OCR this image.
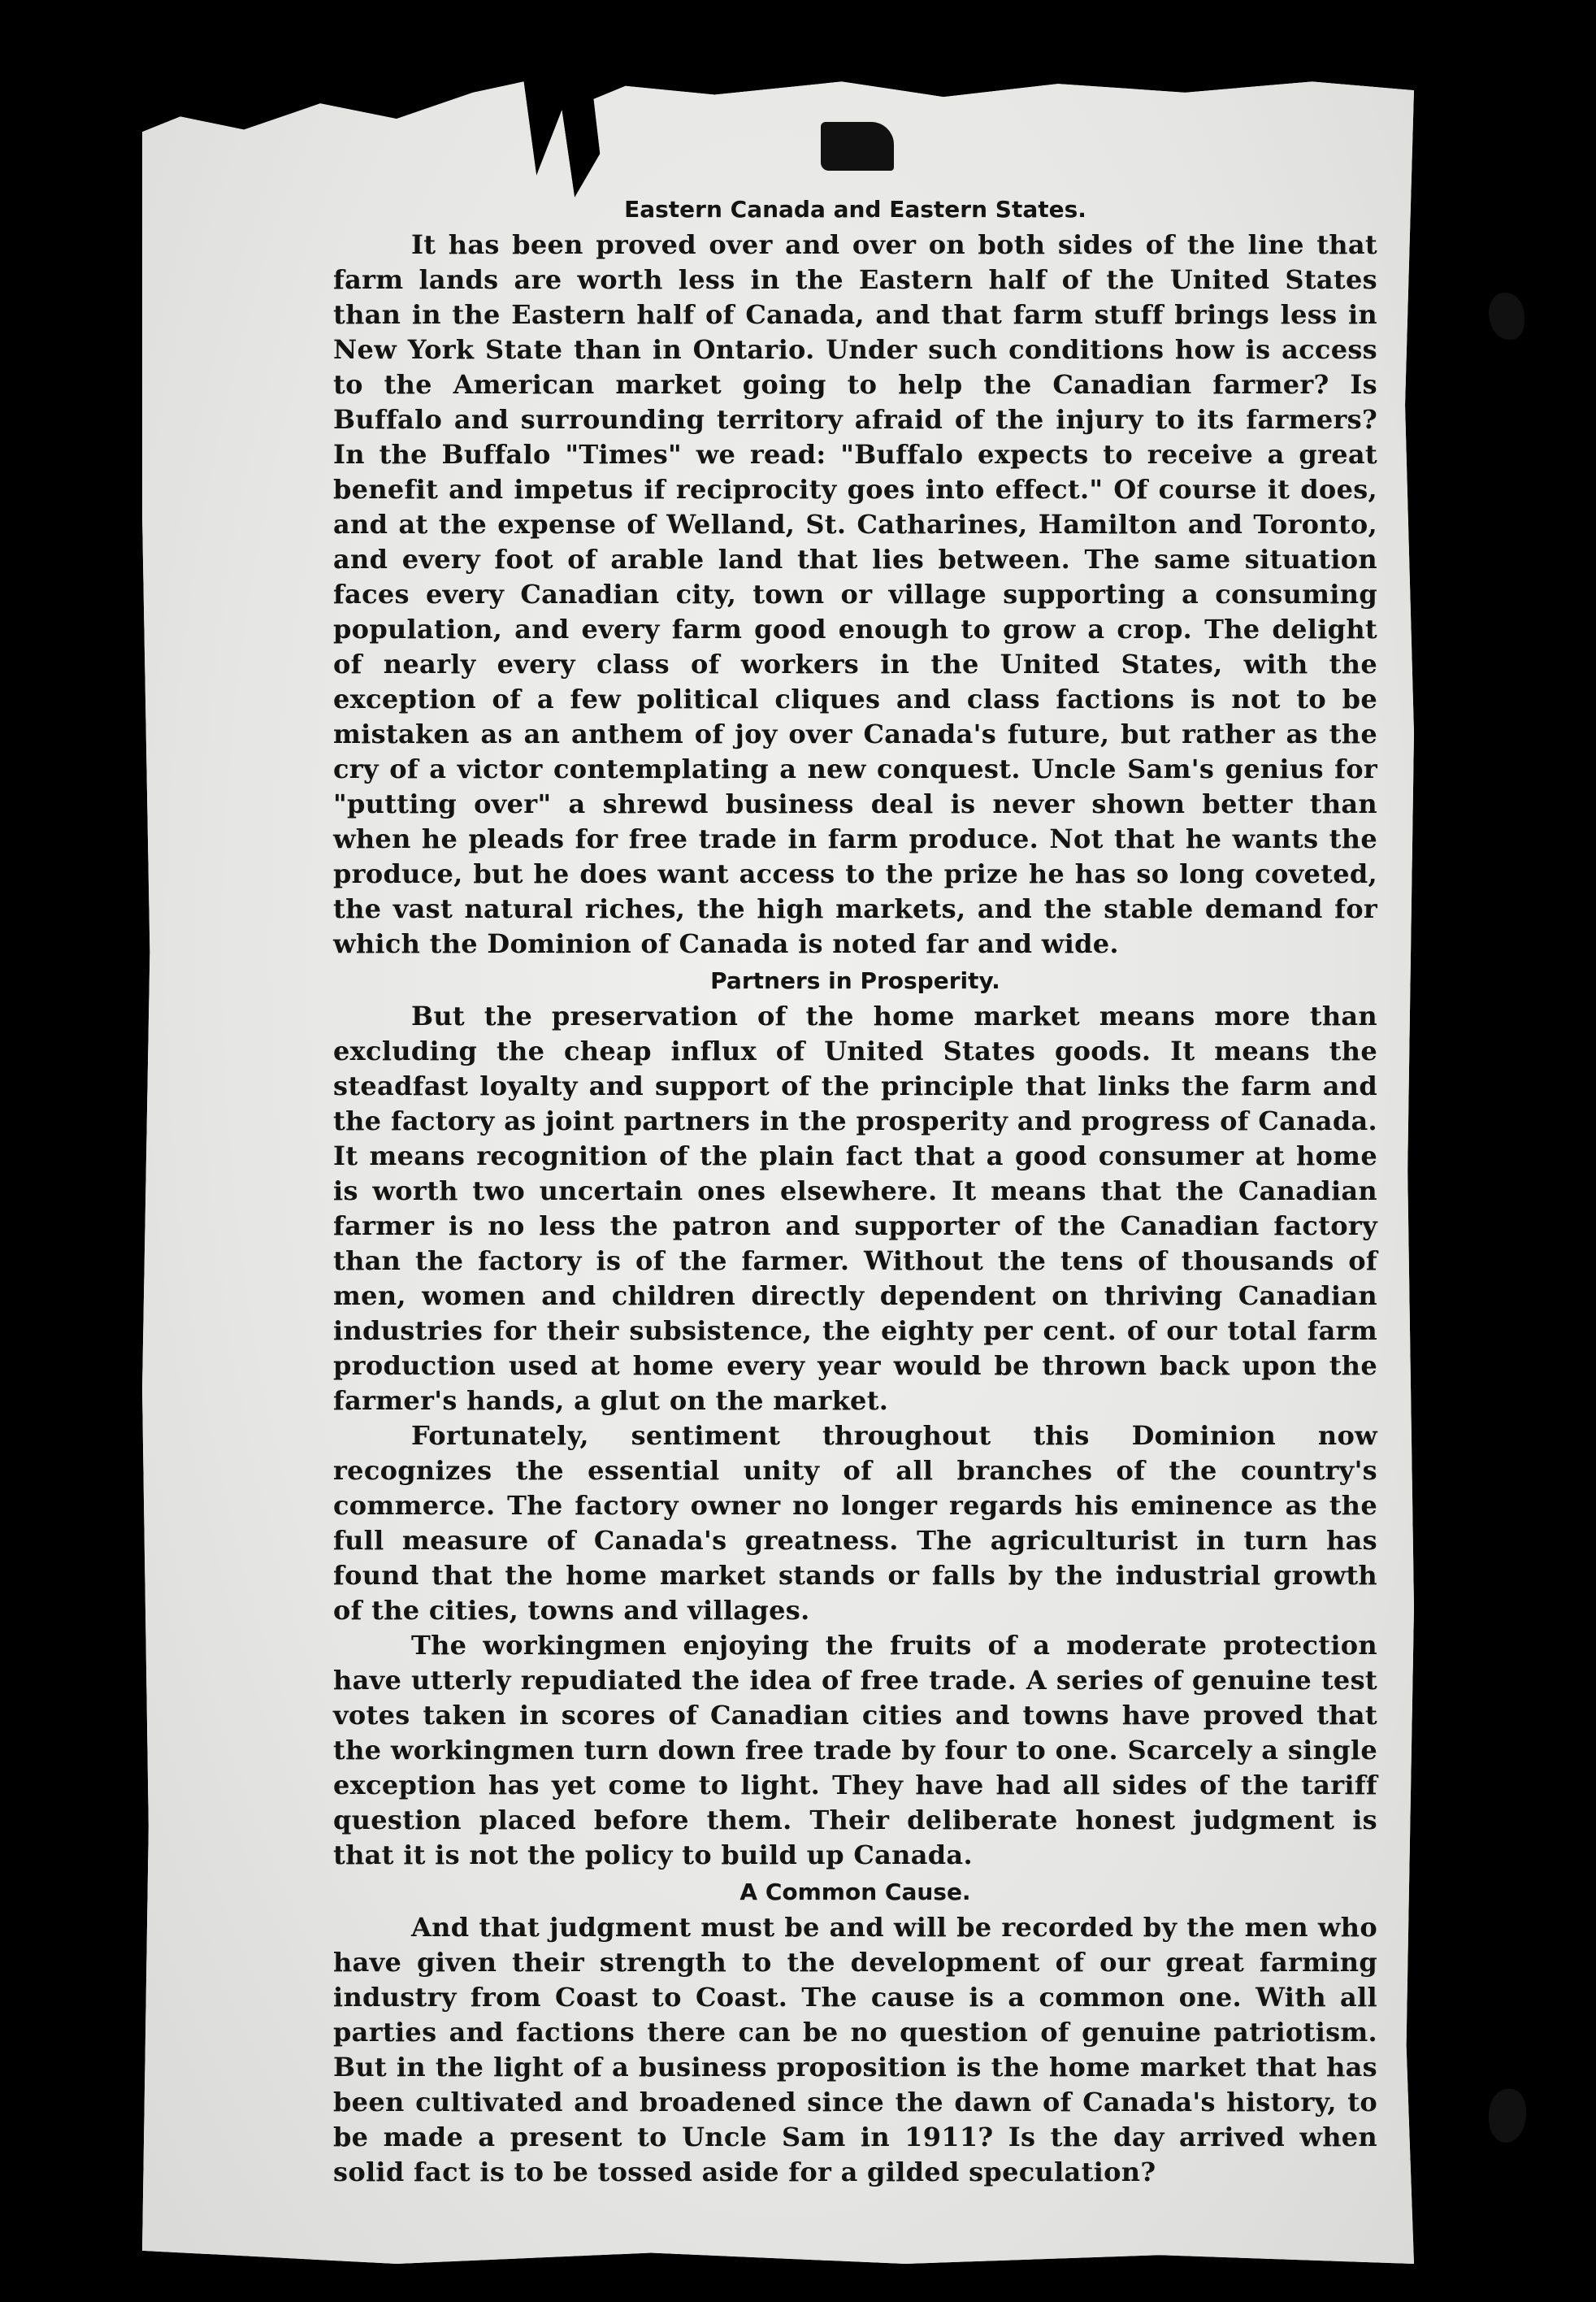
Eastern Canada and Eastern States.

It has been proved over and over on both sides of the line that farm lands are worth less in the Eastern half of the United States than in the Eastern half of Canada, and that farm stuff brings less in New York State than in Ontario. Under such conditions how is access to the American market going to help the Canadian farmer? Is Buffalo and surrounding territory afraid of the injury to its farmers? In the Buffalo "Times" we read: "Buffalo expects to receive a great benefit and impetus if reciprocity goes into effect." Of course it does, and at the expense of Welland, St. Catharines, Hamilton and Toronto, and every foot of arable land that lies between. The same situation faces every Canadian city, town or village supporting a consuming population, and every farm good enough to grow a crop. The delight of nearly every class of workers in the United States, with the exception of a few political cliques and class factions is not to be mistaken as an anthem of joy over Canada's future, but rather as the cry of a victor contemplating a new conquest. Uncle Sam's genius for "putting over" a shrewd business deal is never shown better than when he pleads for free trade in farm produce. Not that he wants the produce, but he does want access to the prize he has so long coveted, the vast natural riches, the high markets, and the stable demand for which the Dominion of Canada is noted far and wide.

Partners in Prosperity.

But the preservation of the home market means more than excluding the cheap influx of United States goods. It means the steadfast loyalty and support of the principle that links the farm and the factory as joint partners in the prosperity and progress of Canada. It means recognition of the plain fact that a good consumer at home is worth two uncertain ones elsewhere. It means that the Canadian farmer is no less the patron and supporter of the Canadian factory than the factory is of the farmer. Without the tens of thousands of men, women and children directly dependent on thriving Canadian industries for their subsistence, the eighty per cent. of our total farm production used at home every year would be thrown back upon the farmer's hands, a glut on the market.

Fortunately, sentiment throughout this Dominion now recognizes the essential unity of all branches of the country's commerce. The factory owner no longer regards his eminence as the full measure of Canada's greatness. The agriculturist in turn has found that the home market stands or falls by the industrial growth of the cities, towns and villages.

The workingmen enjoying the fruits of a moderate protection have utterly repudiated the idea of free trade. A series of genuine test votes taken in scores of Canadian cities and towns have proved that the workingmen turn down free trade by four to one. Scarcely a single exception has yet come to light. They have had all sides of the tariff question placed before them. Their deliberate honest judgment is that it is not the policy to build up Canada.

A Common Cause.

And that judgment must be and will be recorded by the men who have given their strength to the development of our great farming industry from Coast to Coast. The cause is a common one. With all parties and factions there can be no question of genuine patriotism. But in the light of a business proposition is the home market that has been cultivated and broadened since the dawn of Canada's history, to be made a present to Uncle Sam in 1911? Is the day arrived when solid fact is to be tossed aside for a gilded speculation?
